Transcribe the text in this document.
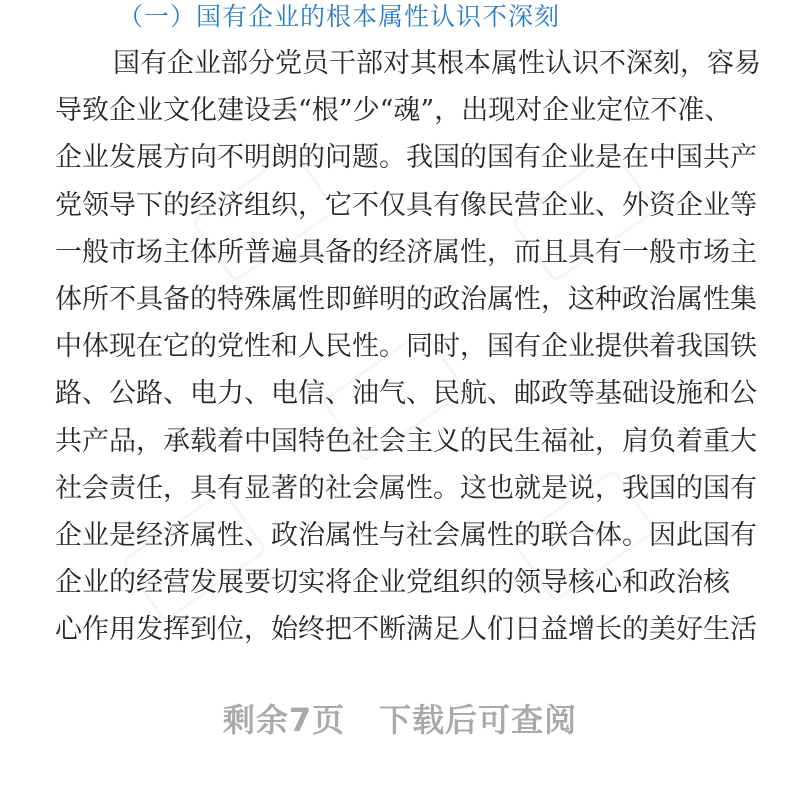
（一）国有企业的根本属性认识不深刻
国有企业部分党员干部对其根本属性认识不深刻，容易
导致企业文化建设丢“根”少“魂”，出现对企业定位不准、
企业发展方向不明朗的问题。我国的国有企业是在中国共产
党领导下的经济组织，它不仅具有像民营企业、外资企业等
一般市场主体所普遍具备的经济属性，而且具有一般市场主
体所不具备的特殊属性即鲜明的政治属性，这种政治属性集
中体现在它的党性和人民性。同时，国有企业提供着我国铁
路、公路、电力、电信、油气、民航、邮政等基础设施和公
共产品，承载着中国特色社会主义的民生福祉，肩负着重大
社会责任，具有显著的社会属性。这也就是说，我国的国有
企业是经济属性、政治属性与社会属性的联合体。因此国有
企业的经营发展要切实将企业党组织的领导核心和政治核
心作用发挥到位，始终把不断满足人们日益增长的美好生活
剩余7页 下载后可查阅
